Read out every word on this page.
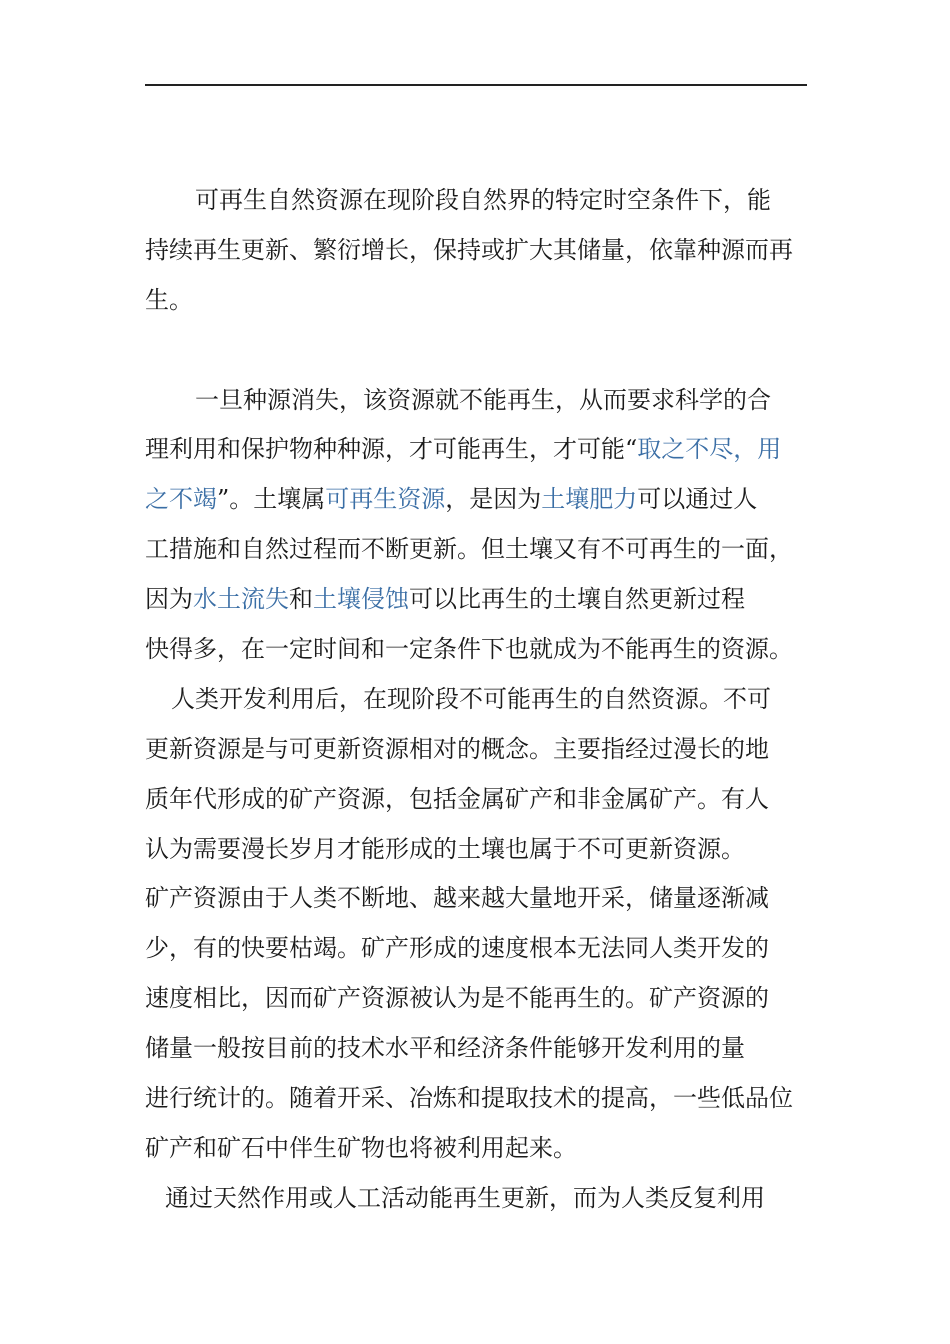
可再生自然资源在现阶段自然界的特定时空条件下，能
持续再生更新、繁衍增长，保持或扩大其储量，依靠种源而再
生。
一旦种源消失，该资源就不能再生，从而要求科学的合
理利用和保护物种种源，才可能再生，才可能“取之不尽，用
之不竭”。土壤属可再生资源，是因为土壤肥力可以通过人
工措施和自然过程而不断更新。但土壤又有不可再生的一面，
因为水土流失和土壤侵蚀可以比再生的土壤自然更新过程
快得多，在一定时间和一定条件下也就成为不能再生的资源。
人类开发利用后，在现阶段不可能再生的自然资源。不可
更新资源是与可更新资源相对的概念。主要指经过漫长的地
质年代形成的矿产资源，包括金属矿产和非金属矿产。有人
认为需要漫长岁月才能形成的土壤也属于不可更新资源。
矿产资源由于人类不断地、越来越大量地开采，储量逐渐减
少，有的快要枯竭。矿产形成的速度根本无法同人类开发的
速度相比，因而矿产资源被认为是不能再生的。矿产资源的
储量一般按目前的技术水平和经济条件能够开发利用的量
进行统计的。随着开采、冶炼和提取技术的提高，一些低品位
矿产和矿石中伴生矿物也将被利用起来。
通过天然作用或人工活动能再生更新，而为人类反复利用
